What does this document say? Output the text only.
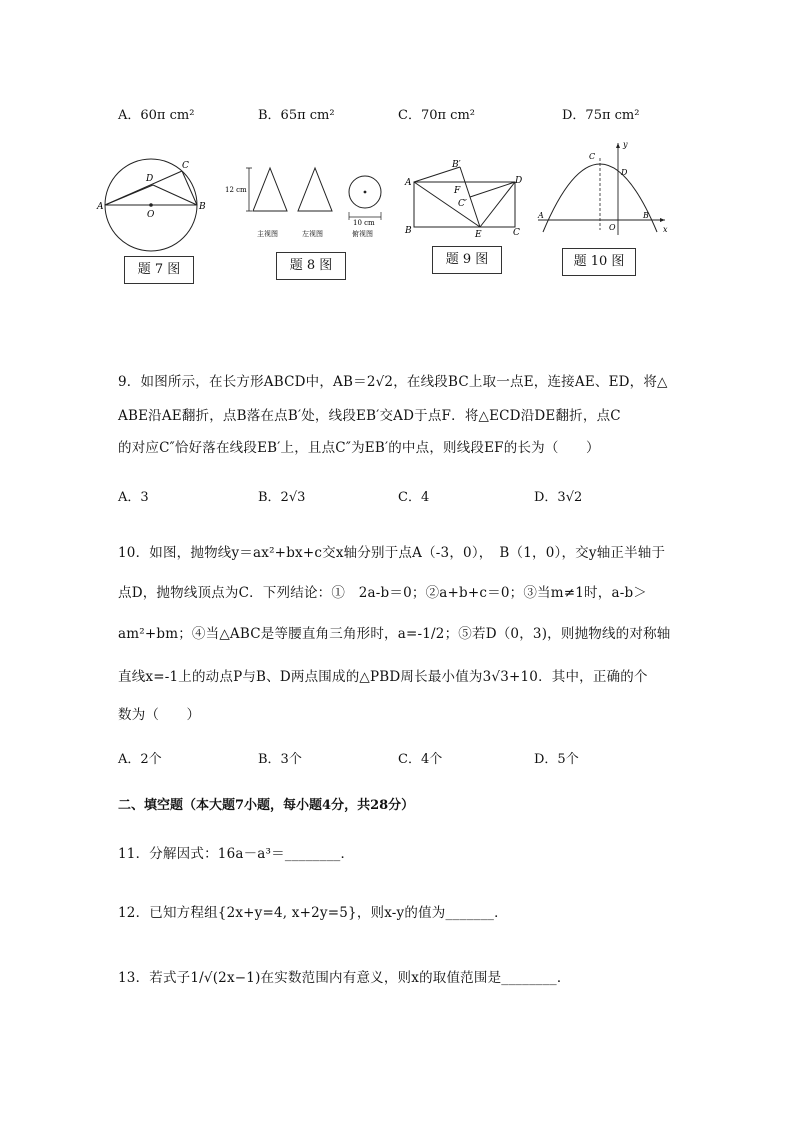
A．60π cm²	B．65π cm²	C．70π cm²	D．75π cm²
A	B
C
D
O
题 7 图
12 cm
10 cm
主视图	左视图	俯视图
题 8 图
A
B	C
D
E
F
B′
C′
题 9 图
y
x
A	B
C
D
O
题 10 图
9．如图所示，在长方形ABCD中，AB＝2√2，在线段BC上取一点E，连接AE、ED，将△
ABE沿AE翻折，点B落在点B′处，线段EB′交AD于点F．将△ECD沿DE翻折，点C
的对应C″恰好落在线段EB′上，且点C″为EB′的中点，则线段EF的长为（　　）
A．3	B．2√3	C．4	D．3√2
10．如图，抛物线y＝ax²+bx+c交x轴分别于点A（-3，0），　B（1，0），交y轴正半轴于
点D，抛物线顶点为C．下列结论：①　2a-b＝0；②a+b+c＝0；③当m≠1时，a-b＞
am²+bm；④当△ABC是等腰直角三角形时，a=-1/2；⑤若D（0，3)，则抛物线的对称轴
直线x=-1上的动点P与B、D两点围成的△PBD周长最小值为3√3+10．其中，正确的个
数为（　　）
A．2个	B．3个	C．4个	D．5个
二、填空题（本大题7小题，每小题4分，共28分）
11．分解因式：16a－a³＝________．
12．已知方程组{2x+y=4, x+2y=5}，则x-y的值为_______．
13．若式子1/√(2x−1)在实数范围内有意义，则x的取值范围是________．
